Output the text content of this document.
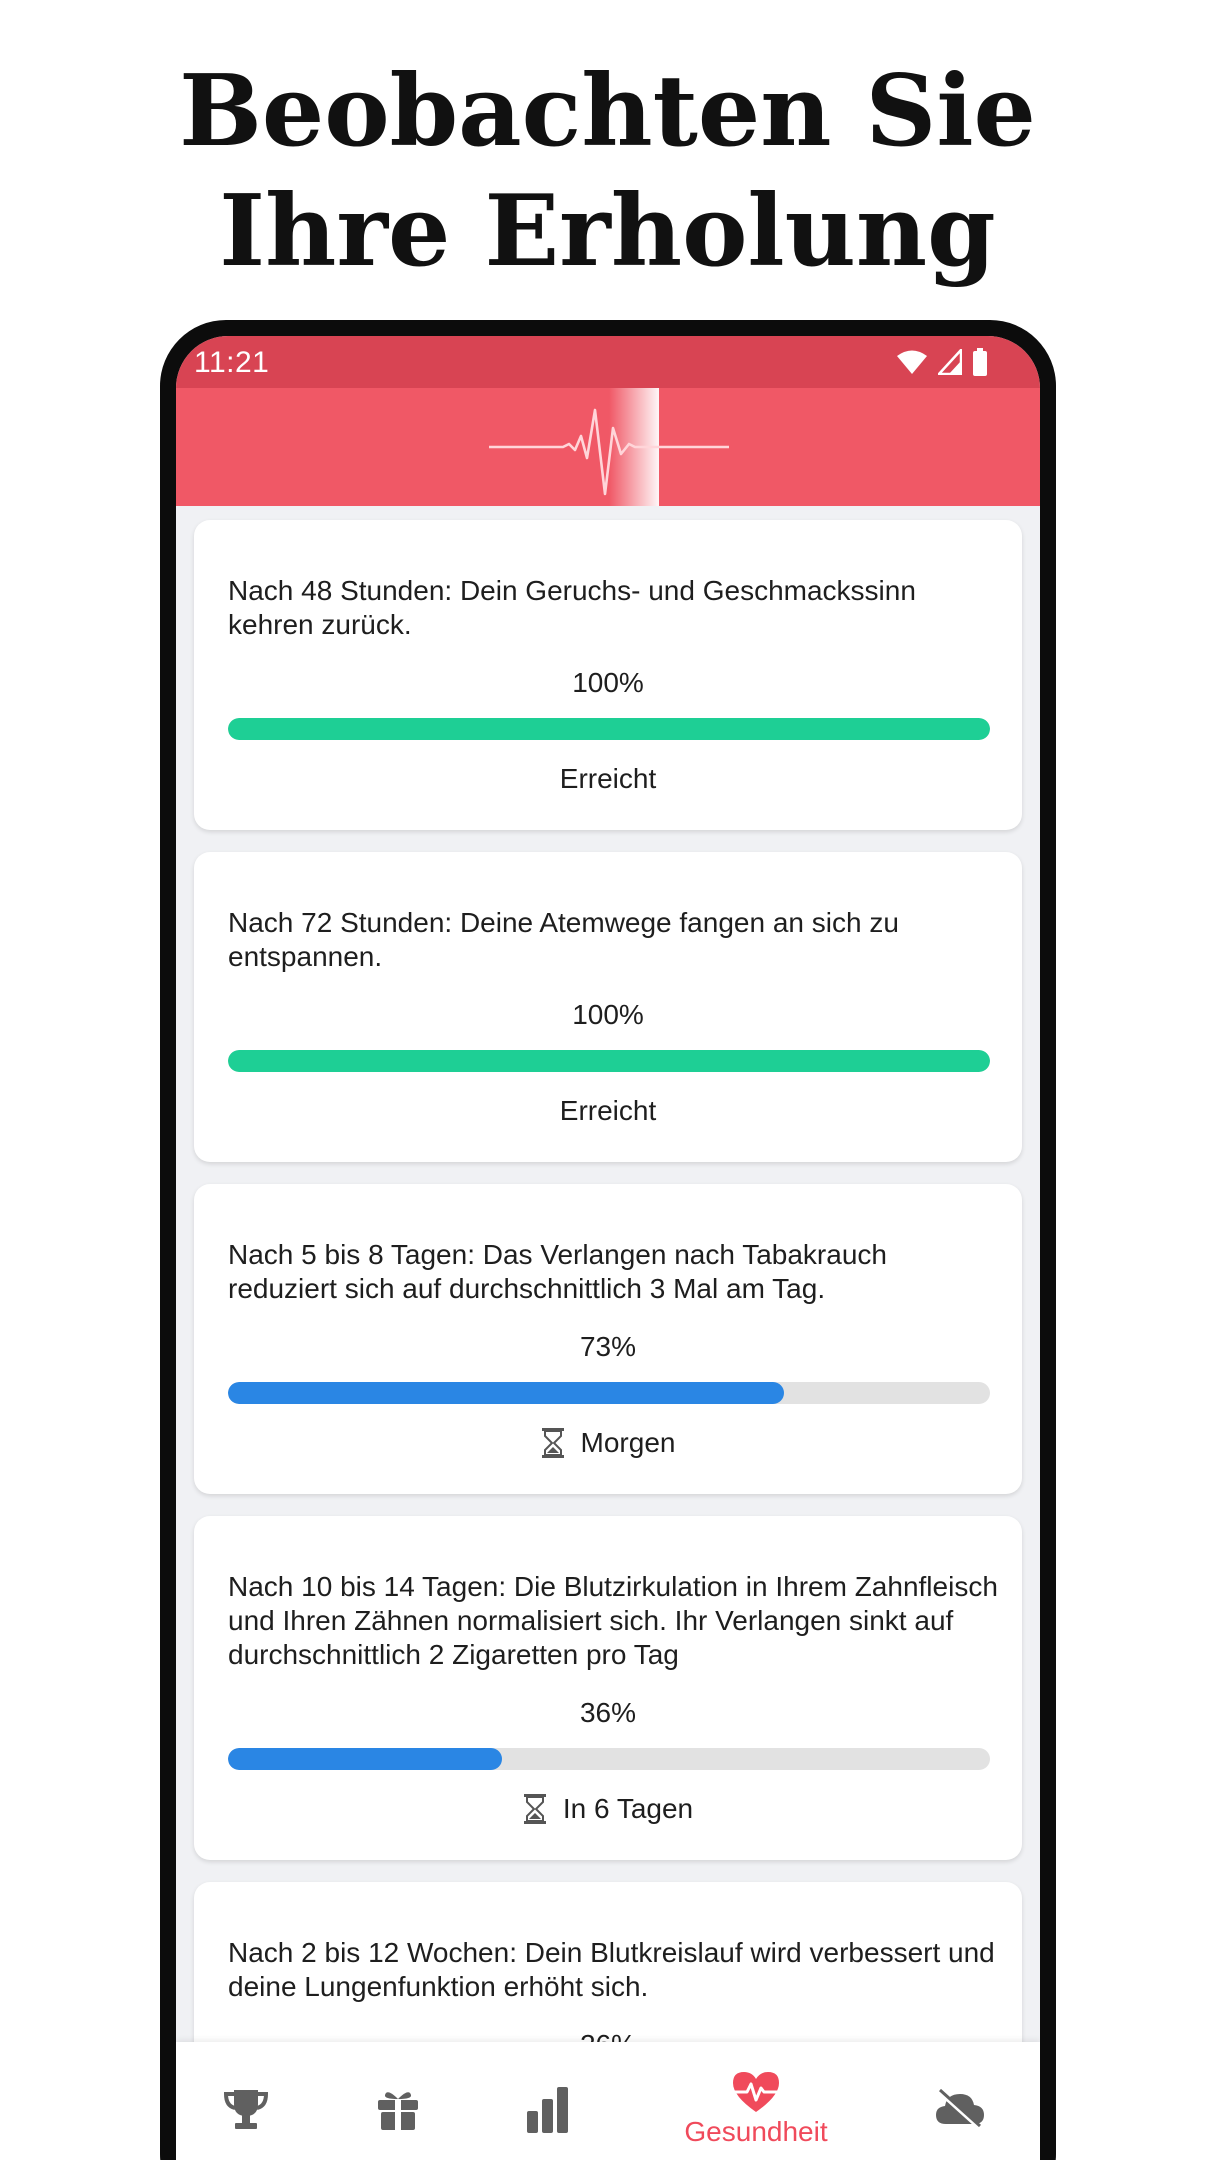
Beobachten Sie
Ihre Erholung
11:21
Nach 48 Stunden: Dein Geruchs- und Geschmackssinn kehren zurück.
100%
Erreicht
Nach 72 Stunden: Deine Atemwege fangen an sich zu entspannen.
100%
Erreicht
Nach 5 bis 8 Tagen: Das Verlangen nach Tabakrauch reduziert sich auf durchschnittlich 3 Mal am Tag.
73%
Morgen
Nach 10 bis 14 Tagen: Die Blutzirkulation in Ihrem Zahnfleisch und Ihren Zähnen normalisiert sich. Ihr Verlangen sinkt auf durchschnittlich 2 Zigaretten pro Tag
36%
In 6 Tagen
Nach 2 bis 12 Wochen: Dein Blutkreislauf wird verbessert und deine Lungenfunktion erhöht sich.
Gesundheit
